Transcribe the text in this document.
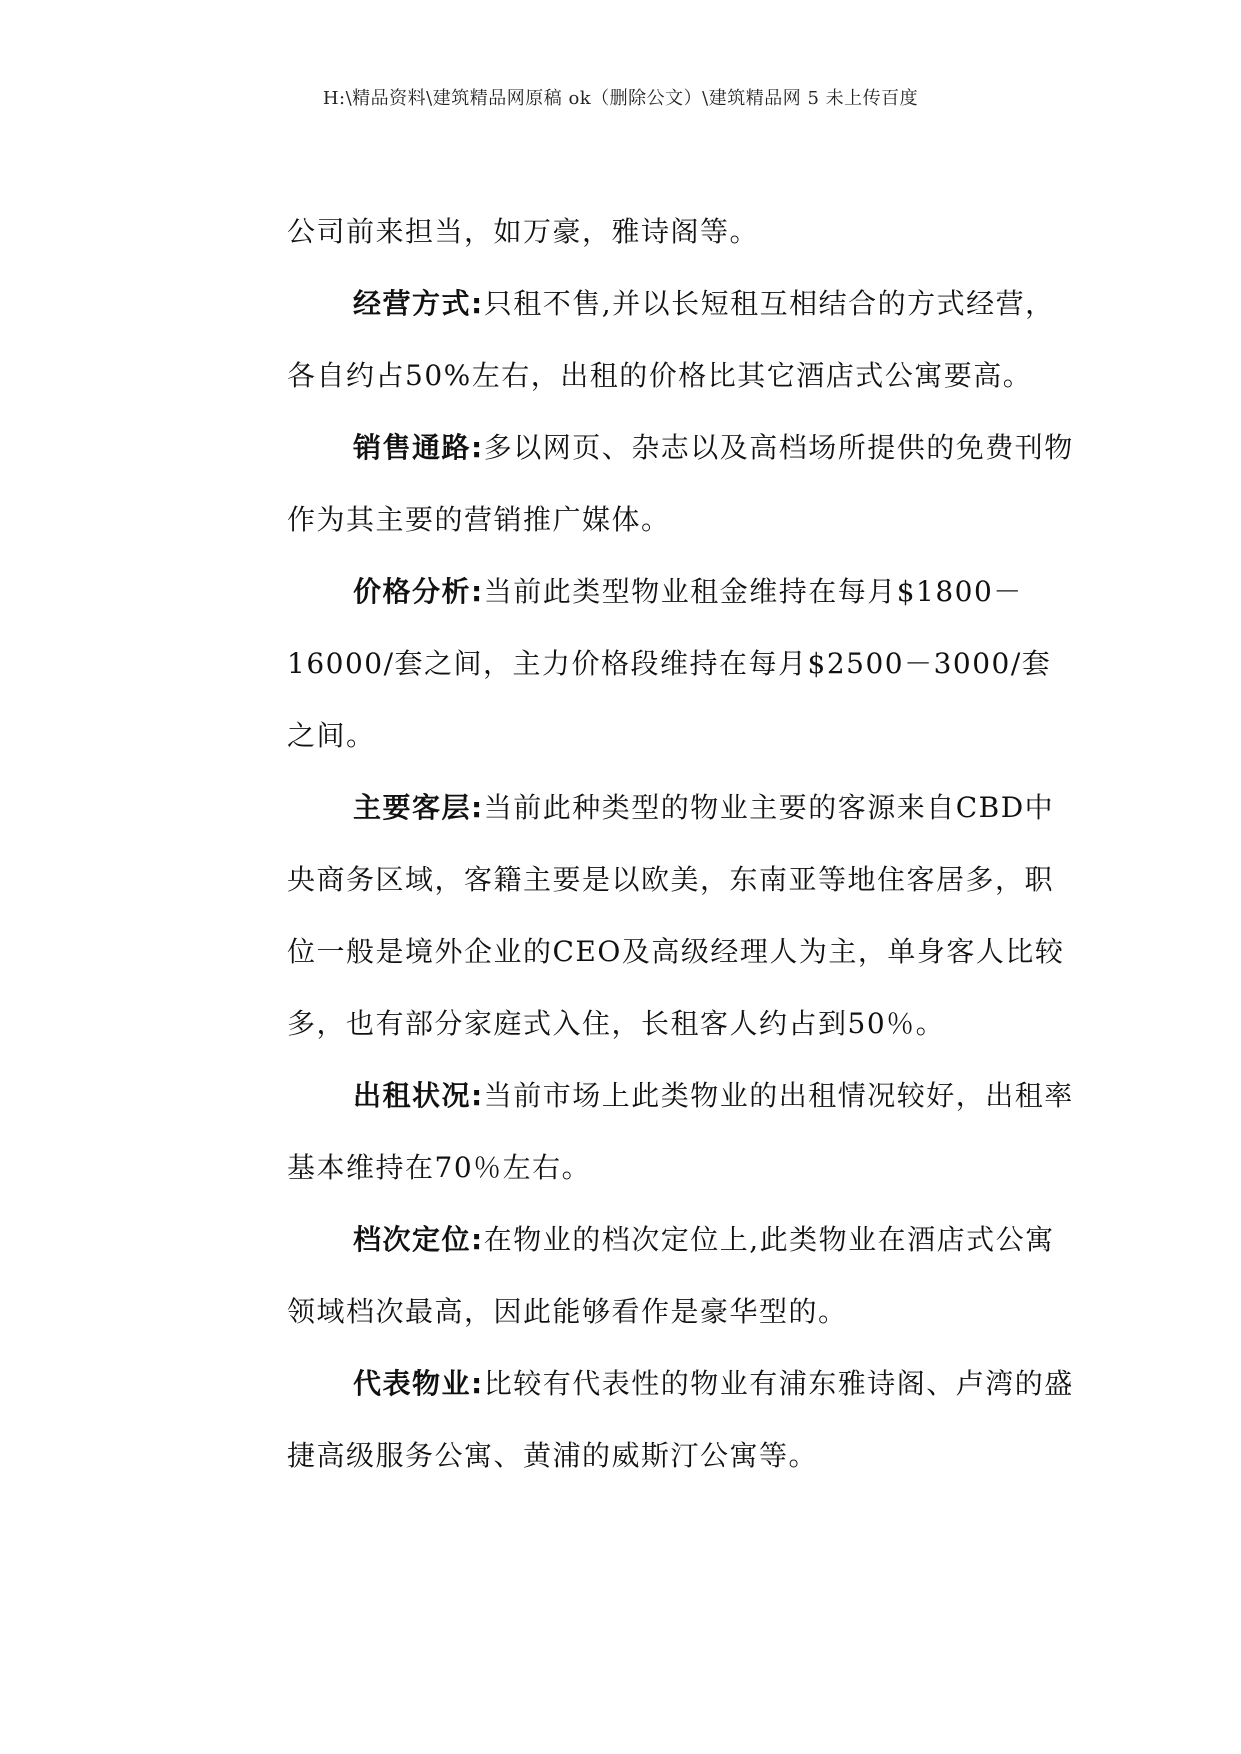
H:\精品资料\建筑精品网原稿 ok（删除公文）\建筑精品网 5 未上传百度

公司前来担当，如万豪，雅诗阁等。

经营方式:只租不售,并以长短租互相结合的方式经营，各自约占50%左右，出租的价格比其它酒店式公寓要高。

销售通路:多以网页、杂志以及高档场所提供的免费刊物作为其主要的营销推广媒体。

价格分析:当前此类型物业租金维持在每月$1800－16000/套之间，主力价格段维持在每月$2500－3000/套之间。

主要客层:当前此种类型的物业主要的客源来自CBD中央商务区域，客籍主要是以欧美，东南亚等地住客居多，职位一般是境外企业的CEO及高级经理人为主，单身客人比较多，也有部分家庭式入住，长租客人约占到50％。

出租状况:当前市场上此类物业的出租情况较好，出租率基本维持在70％左右。

档次定位:在物业的档次定位上,此类物业在酒店式公寓领域档次最高，因此能够看作是豪华型的。

代表物业:比较有代表性的物业有浦东雅诗阁、卢湾的盛捷高级服务公寓、黄浦的威斯汀公寓等。
